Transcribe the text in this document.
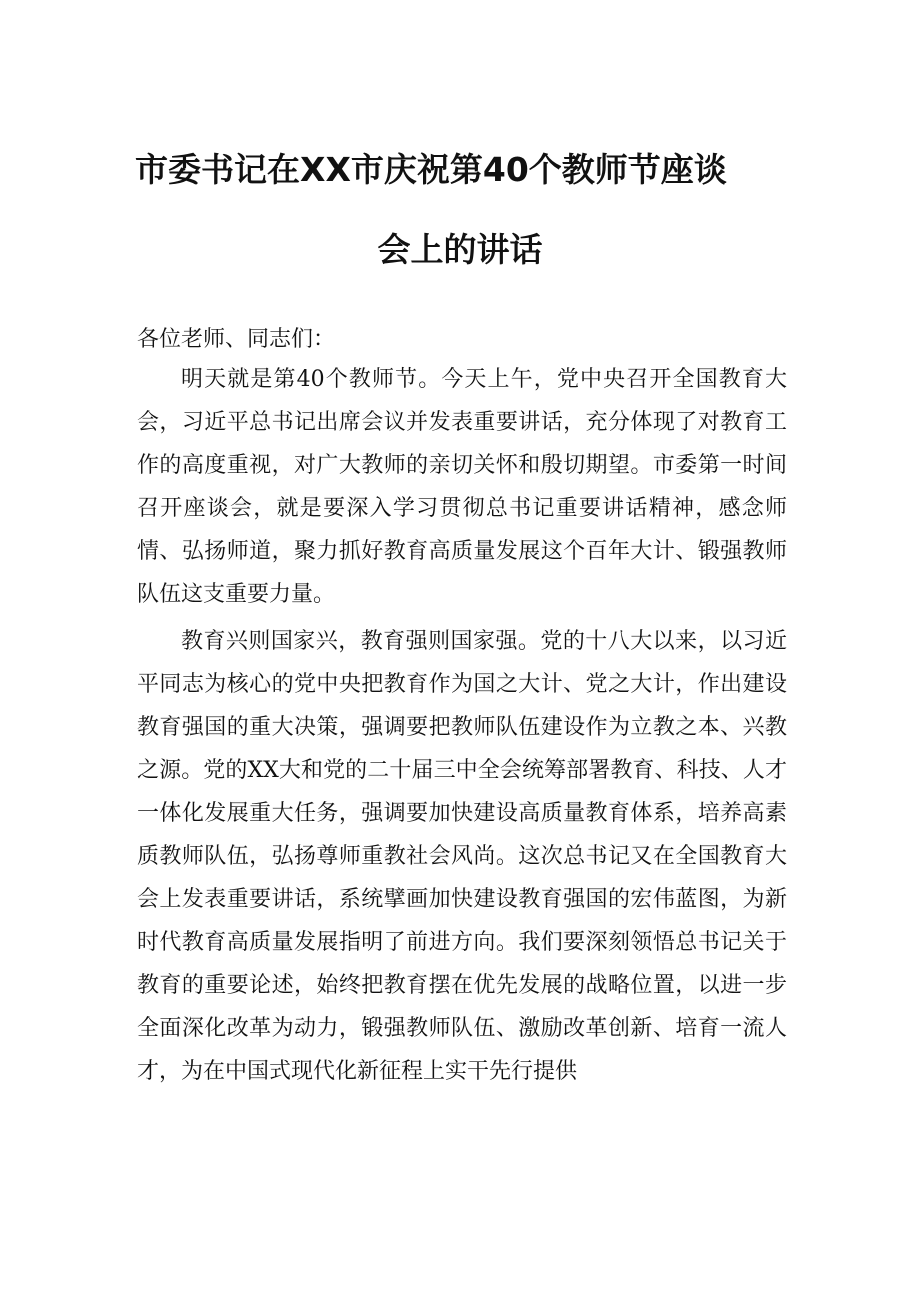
市委书记在XX市庆祝第40个教师节座谈
会上的讲话
各位老师、同志们：

明天就是第40个教师节。今天上午，党中央召开全国教育大会，习近平总书记出席会议并发表重要讲话，充分体现了对教育工作的高度重视，对广大教师的亲切关怀和殷切期望。市委第一时间召开座谈会，就是要深入学习贯彻总书记重要讲话精神，感念师情、弘扬师道，聚力抓好教育高质量发展这个百年大计、锻强教师队伍这支重要力量。

教育兴则国家兴，教育强则国家强。党的十八大以来，以习近平同志为核心的党中央把教育作为国之大计、党之大计，作出建设教育强国的重大决策，强调要把教师队伍建设作为立教之本、兴教之源。党的XX大和党的二十届三中全会统筹部署教育、科技、人才一体化发展重大任务，强调要加快建设高质量教育体系，培养高素质教师队伍，弘扬尊师重教社会风尚。这次总书记又在全国教育大会上发表重要讲话，系统擘画加快建设教育强国的宏伟蓝图，为新时代教育高质量发展指明了前进方向。我们要深刻领悟总书记关于教育的重要论述，始终把教育摆在优先发展的战略位置，以进一步全面深化改革为动力，锻强教师队伍、激励改革创新、培育一流人才，为在中国式现代化新征程上实干先行提供
